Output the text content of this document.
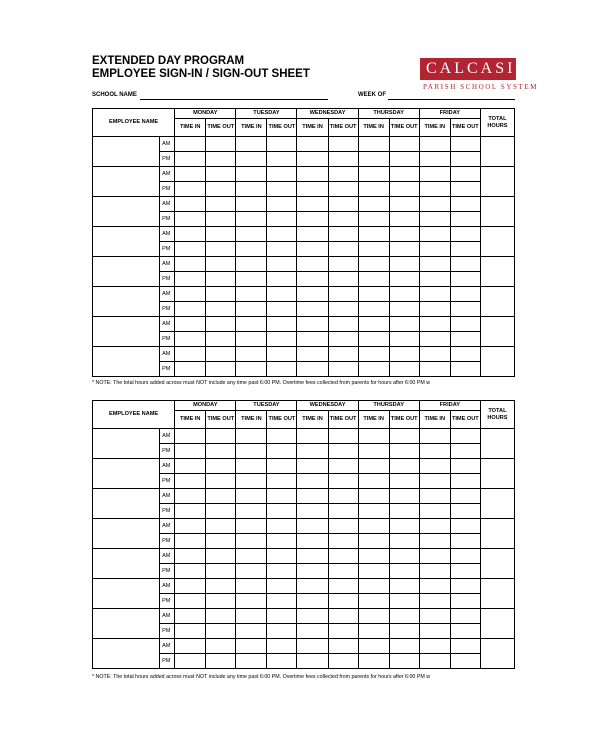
EXTENDED DAY PROGRAM
EMPLOYEE SIGN-IN / SIGN-OUT SHEET
SCHOOL NAME	WEEK OF
CALCASIEU
PARISH SCHOOL SYSTEM
EMPLOYEE NAME		MONDAY		TUESDAY		WEDNESDAY		THURSDAY		FRIDAY		TOTAL HOURS
		TIME IN	TIME OUT	TIME IN	TIME OUT	TIME IN	TIME OUT	TIME IN	TIME OUT	TIME IN	TIME OUT	
	AM											
	PM											
	AM											
	PM											
	AM											
	PM											
	AM											
	PM											
	AM											
	PM											
	AM											
	PM											
	AM											
	PM											
	AM											
	PM											
* NOTE: The total hours added across must NOT include any time past 6:00 PM. Overtime fees collected from parents for hours after 6:00 PM w
EMPLOYEE NAME		MONDAY		TUESDAY		WEDNESDAY		THURSDAY		FRIDAY		TOTAL HOURS
		TIME IN	TIME OUT	TIME IN	TIME OUT	TIME IN	TIME OUT	TIME IN	TIME OUT	TIME IN	TIME OUT	
	AM											
	PM											
	AM											
	PM											
	AM											
	PM											
	AM											
	PM											
	AM											
	PM											
	AM											
	PM											
	AM											
	PM											
	AM											
	PM											
* NOTE: The total hours added across must NOT include any time past 6:00 PM. Overtime fees collected from parents for hours after 6:00 PM w
